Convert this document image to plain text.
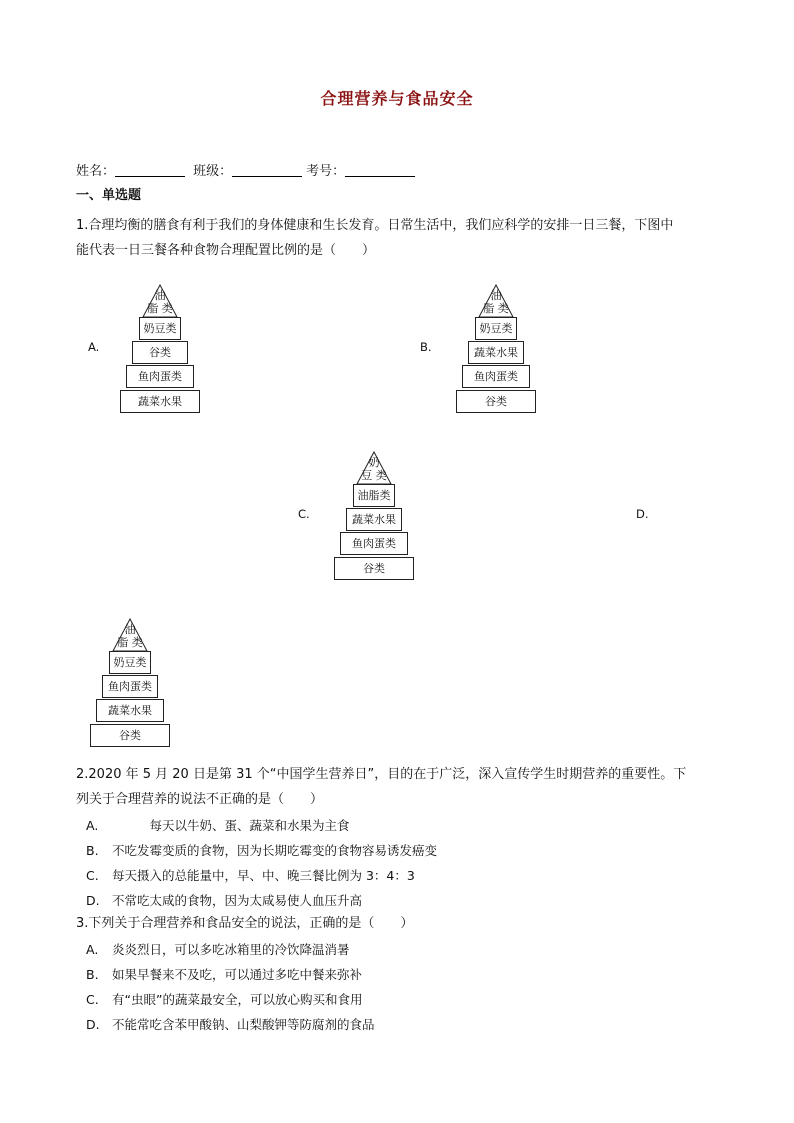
合理营养与食品安全
姓名：	班级：	考号：
一、单选题
1.合理均衡的膳食有利于我们的身体健康和生长发育。日常生活中，我们应科学的安排一日三餐，下图中
能代表一日三餐各种食物合理配置比例的是（　　）
A.	B.
C.	D.
油
脂 类
奶豆类
谷类
鱼肉蛋类
蔬菜水果
油
脂 类
奶豆类
蔬菜水果
鱼肉蛋类
谷类
奶
豆 类
油脂类
蔬菜水果
鱼肉蛋类
谷类
油
脂 类
奶豆类
鱼肉蛋类
蔬菜水果
谷类
2.2020 年 5 月 20 日是第 31 个“中国学生营养日”，目的在于广泛，深入宣传学生时期营养的重要性。下
列关于合理营养的说法不正确的是（　　）
A.　　　每天以牛奶、蛋、蔬菜和水果为主食
B. 不吃发霉变质的食物，因为长期吃霉变的食物容易诱发癌变
C. 每天摄入的总能量中，早、中、晚三餐比例为 3：4：3
D. 不常吃太咸的食物，因为太咸易使人血压升高
3.下列关于合理营养和食品安全的说法，正确的是（　　）
A. 炎炎烈日，可以多吃冰箱里的冷饮降温消暑
B. 如果早餐来不及吃，可以通过多吃中餐来弥补
C. 有“虫眼”的蔬菜最安全，可以放心购买和食用
D. 不能常吃含苯甲酸钠、山梨酸钾等防腐剂的食品
